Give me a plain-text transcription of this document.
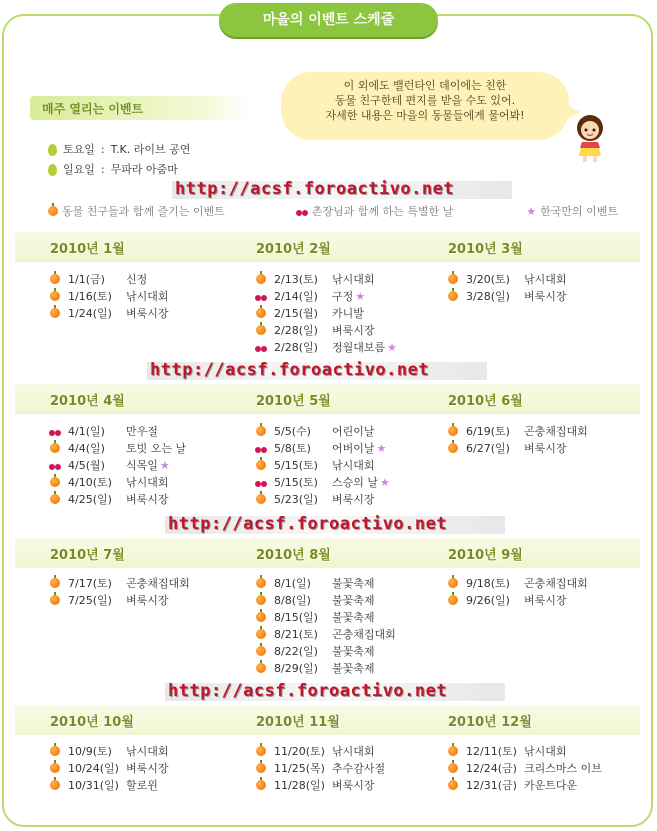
마을의 이벤트 스케줄
매주 열리는 이벤트
이 외에도 밸런타인 데이에는 친한
동물 친구한테 편지를 받을 수도 있어.
자세한 내용은 마을의 동물들에게 물어봐!
토요일 : T.K. 라이브 공연
일요일 : 무파라 아줌마
http://acsf.foroactivo.net
동물 친구들과 함께 즐기는 이벤트	촌장님과 함께 하는 특별한 날	★ 한국만의 이벤트
2010년 1월
1/1(금)	신정
1/16(토)	낚시대회
1/24(일)	벼룩시장
2010년 2월
2/13(토)	낚시대회
2/14(일)	구정 ★
2/15(월)	카니발
2/28(일)	벼룩시장
2/28(일)	정월대보름 ★
2010년 3월
3/20(토)	낚시대회
3/28(일)	벼룩시장
2010년 4월
4/1(일)	만우절
4/4(일)	토빗 오는 날
4/5(월)	식목일 ★
4/10(토)	낚시대회
4/25(일)	벼룩시장
2010년 5월
5/5(수)	어린이날
5/8(토)	어버이날 ★
5/15(토)	낚시대회
5/15(토)	스승의 날 ★
5/23(일)	벼룩시장
2010년 6월
6/19(토)	곤충채집대회
6/27(일)	벼룩시장
2010년 7월
7/17(토)	곤충채집대회
7/25(일)	벼룩시장
2010년 8월
8/1(일)	불꽃축제
8/8(일)	불꽃축제
8/15(일)	불꽃축제
8/21(토)	곤충채집대회
8/22(일)	불꽃축제
8/29(일)	불꽃축제
2010년 9월
9/18(토)	곤충채집대회
9/26(일)	벼룩시장
2010년 10월
10/9(토)	낚시대회
10/24(일) 벼룩시장
10/31(일) 할로윈
2010년 11월
11/20(토) 낚시대회
11/25(목) 추수감사절
11/28(일) 벼룩시장
2010년 12월
12/11(토) 낚시대회
12/24(금) 크리스마스 이브
12/31(금) 카운트다운
http://acsf.foroactivo.net
http://acsf.foroactivo.net
http://acsf.foroactivo.net
